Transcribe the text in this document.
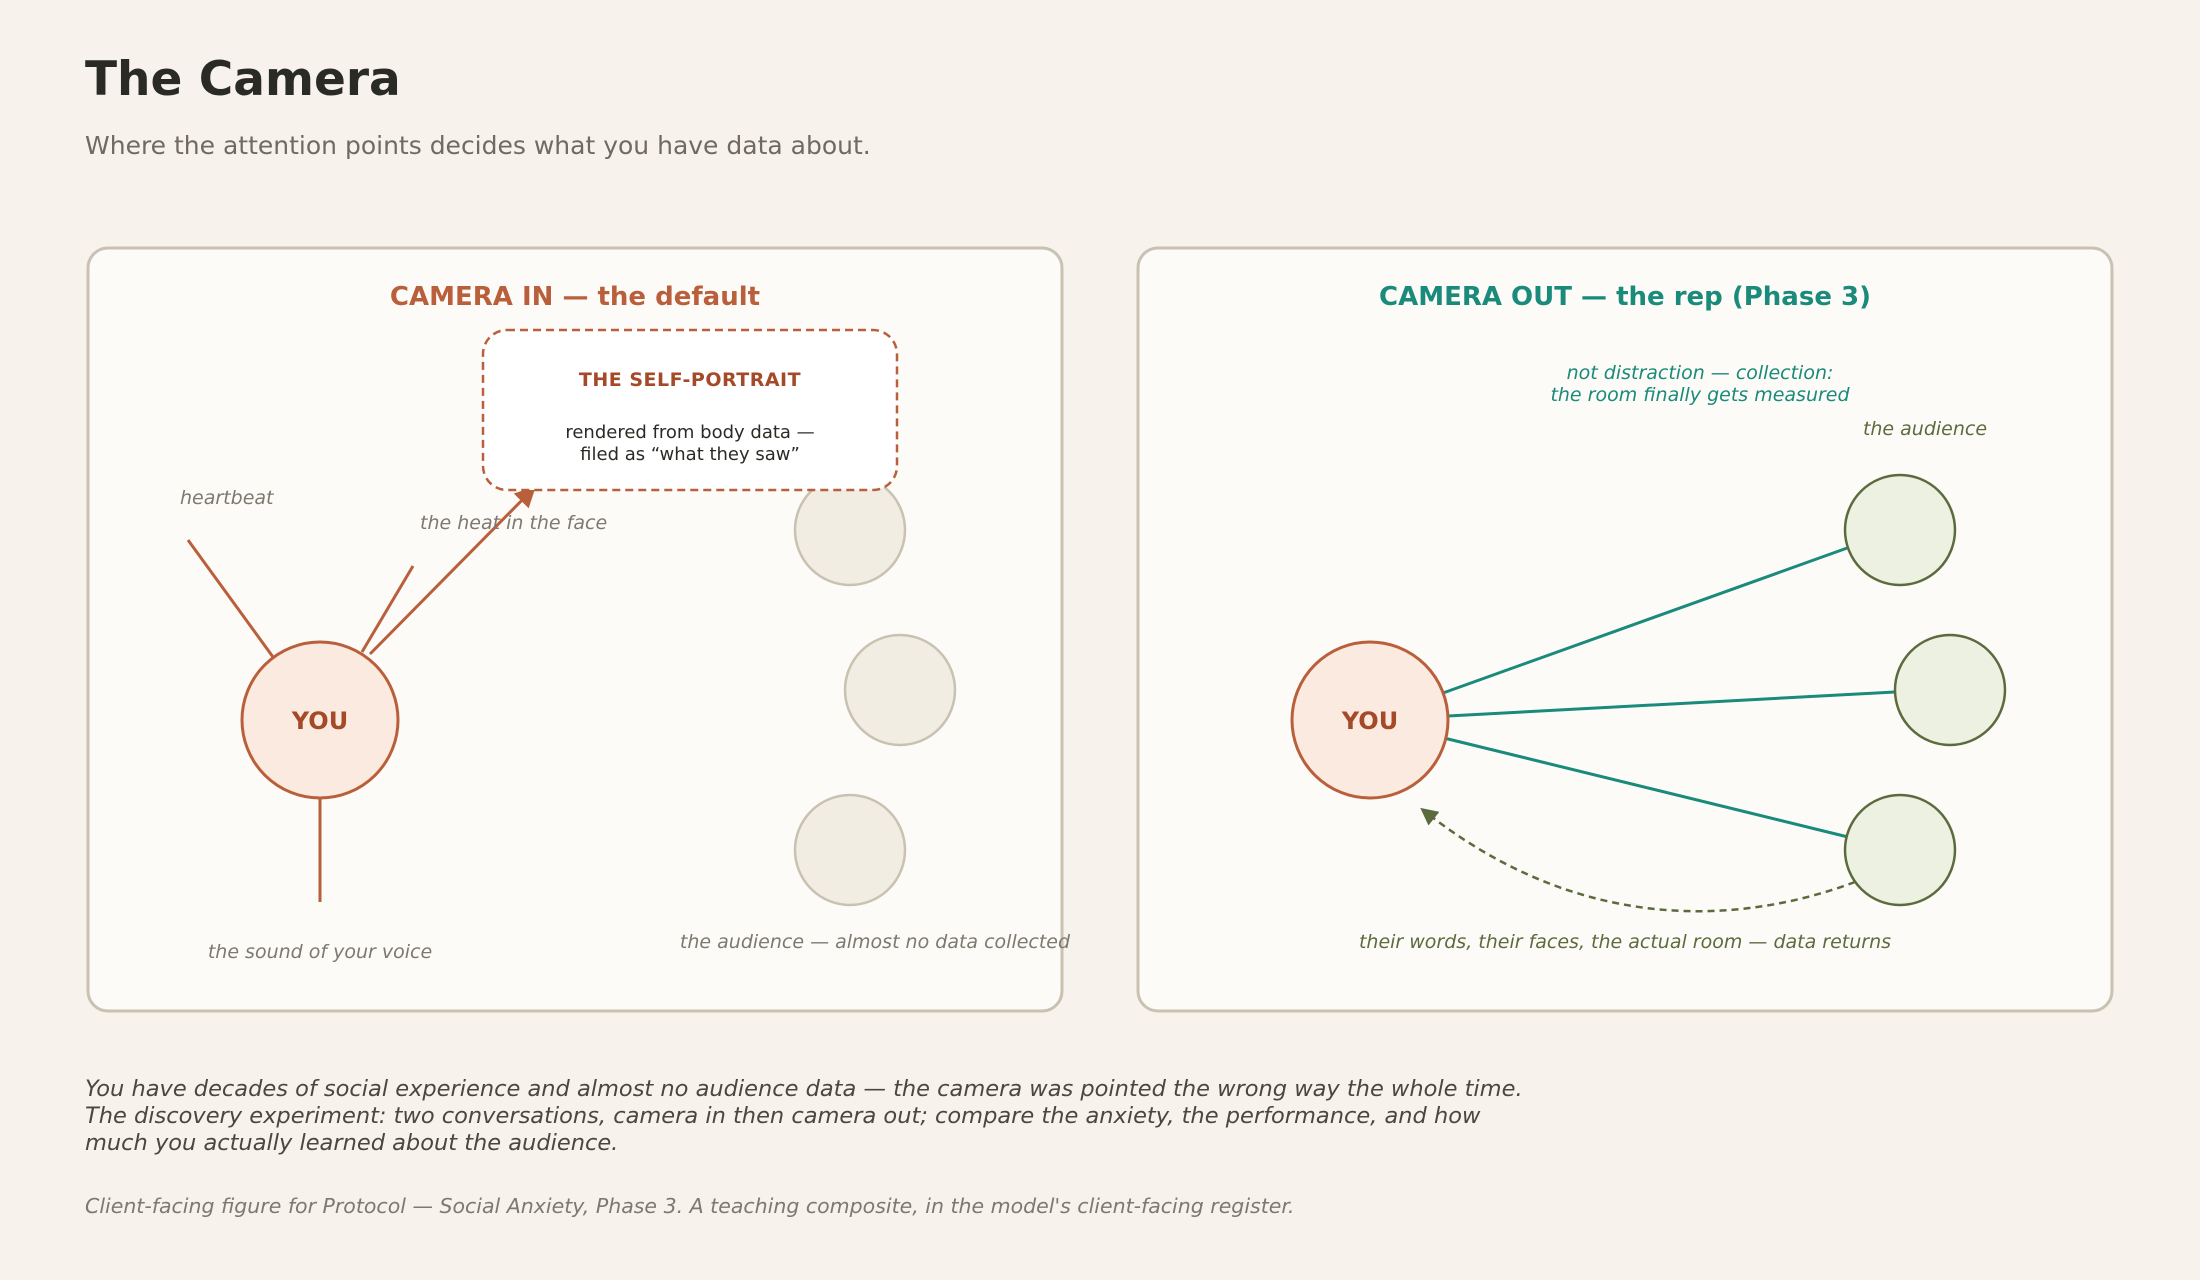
The Camera
Where the attention points decides what you have data about.
CAMERA IN — the default
THE SELF-PORTRAIT
rendered from body data —
filed as “what they saw”
YOU
heartbeat
the heat in the face
the sound of your voice	the audience — almost no data collected
CAMERA OUT — the rep (Phase 3)
not distraction — collection:
the room finally gets measured
the audience
YOU
their words, their faces, the actual room — data returns
You have decades of social experience and almost no audience data — the camera was pointed the wrong way the whole time.
The discovery experiment: two conversations, camera in then camera out; compare the anxiety, the performance, and how
much you actually learned about the audience.
Client-facing figure for Protocol — Social Anxiety, Phase 3. A teaching composite, in the model's client-facing register.
